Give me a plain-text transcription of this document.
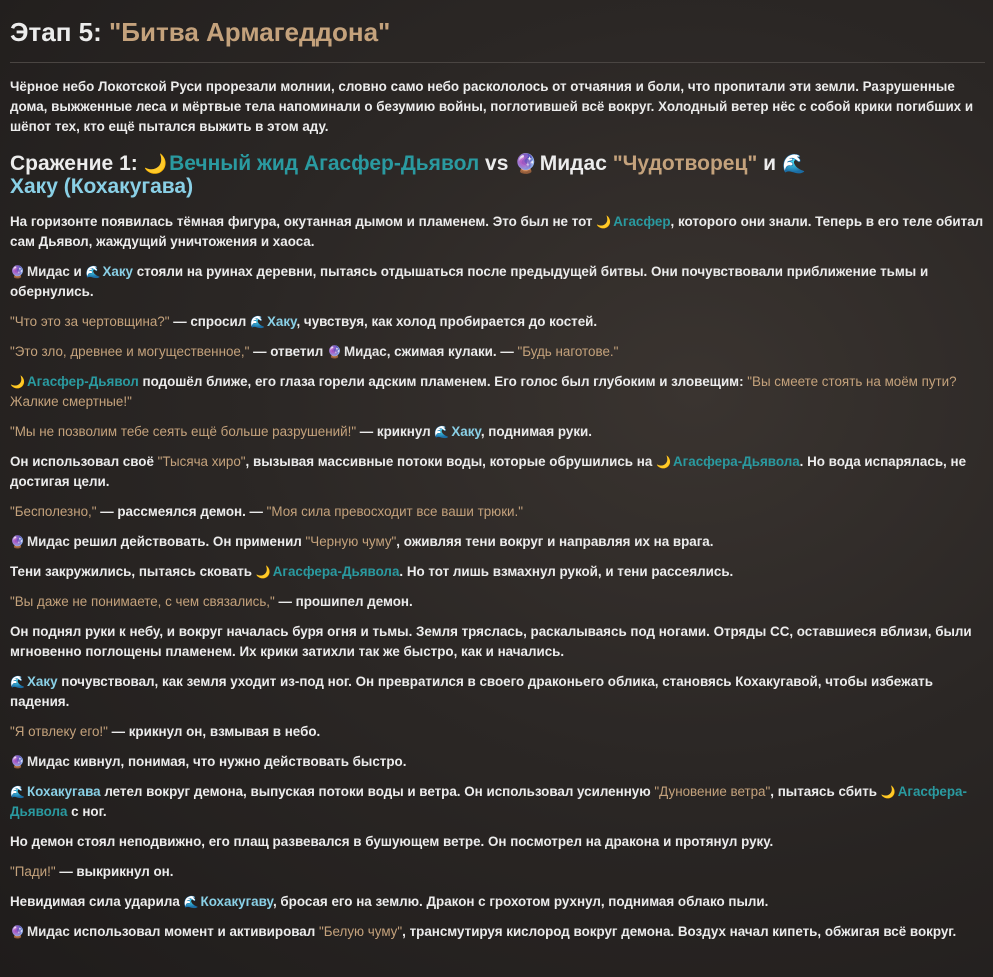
Этап 5: "Битва Армагеддона"

Чёрное небо Локотской Руси прорезали молнии, словно само небо раскололось от отчаяния и боли, что пропитали эти земли. Разрушенные дома, выжженные леса и мёртвые тела напоминали о безумию войны, поглотившей всё вокруг. Холодный ветер нёс с собой крики погибших и шёпот тех, кто ещё пытался выжить в этом аду.

Сражение 1: 🌙Вечный жид Агасфер-Дьявол vs 🔮Мидас "Чудотворец" и 🌊
Хаку (Кохакугава)

На горизонте появилась тёмная фигура, окутанная дымом и пламенем. Это был не тот 🌙 Агасфер, которого они знали. Теперь в его теле обитал сам Дьявол, жаждущий уничтожения и хаоса.

🔮 Мидас и 🌊 Хаку стояли на руинах деревни, пытаясь отдышаться после предыдущей битвы. Они почувствовали приближение тьмы и обернулись.

"Что это за чертовщина?" — спросил 🌊 Хаку, чувствуя, как холод пробирается до костей.

"Это зло, древнее и могущественное," — ответил 🔮 Мидас, сжимая кулаки. — "Будь наготове."

🌙 Агасфер-Дьявол подошёл ближе, его глаза горели адским пламенем. Его голос был глубоким и зловещим: "Вы смеете стоять на моём пути? Жалкие смертные!"

"Мы не позволим тебе сеять ещё больше разрушений!" — крикнул 🌊 Хаку, поднимая руки.

Он использовал своё "Тысяча хиро", вызывая массивные потоки воды, которые обрушились на 🌙 Агасфера-Дьявола. Но вода испарялась, не достигая цели.

"Бесполезно," — рассмеялся демон. — "Моя сила превосходит все ваши трюки."

🔮 Мидас решил действовать. Он применил "Черную чуму", оживляя тени вокруг и направляя их на врага.

Тени закружились, пытаясь сковать 🌙 Агасфера-Дьявола. Но тот лишь взмахнул рукой, и тени рассеялись.

"Вы даже не понимаете, с чем связались," — прошипел демон.

Он поднял руки к небу, и вокруг началась буря огня и тьмы. Земля тряслась, раскалываясь под ногами. Отряды СС, оставшиеся вблизи, были мгновенно поглощены пламенем. Их крики затихли так же быстро, как и начались.

🌊 Хаку почувствовал, как земля уходит из-под ног. Он превратился в своего драконьего облика, становясь Кохакугавой, чтобы избежать падения.

"Я отвлеку его!" — крикнул он, взмывая в небо.

🔮 Мидас кивнул, понимая, что нужно действовать быстро.

🌊 Кохакугава летел вокруг демона, выпуская потоки воды и ветра. Он использовал усиленную "Дуновение ветра", пытаясь сбить 🌙 Агасфера-Дьявола с ног.

Но демон стоял неподвижно, его плащ развевался в бушующем ветре. Он посмотрел на дракона и протянул руку.

"Пади!" — выкрикнул он.

Невидимая сила ударила 🌊 Кохакугаву, бросая его на землю. Дракон с грохотом рухнул, поднимая облако пыли.

🔮 Мидас использовал момент и активировал "Белую чуму", трансмутируя кислород вокруг демона. Воздух начал кипеть, обжигая всё вокруг.
